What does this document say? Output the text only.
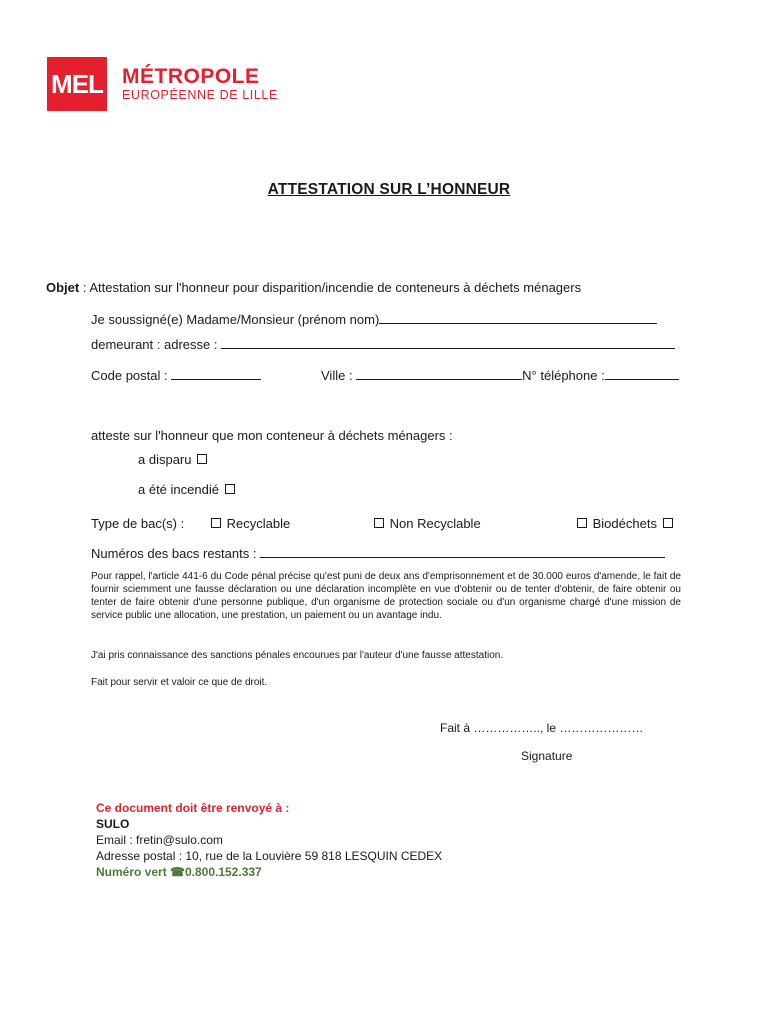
MEL MÉTROPOLE
EUROPÉENNE DE LILLE
ATTESTATION SUR L’HONNEUR
Objet : Attestation sur l'honneur pour disparition/incendie de conteneurs à déchets ménagers
Je soussigné(e) Madame/Monsieur (prénom nom)
demeurant : adresse :
Code postal :	Ville :	N° téléphone :
atteste sur l'honneur que mon conteneur à déchets ménagers :
a disparu
a été incendié
Type de bac(s) :	Recyclable	Non Recyclable	Biodéchets
Numéros des bacs restants :
Pour rappel, l'article 441-6 du Code pénal précise qu'est puni de deux ans d'emprisonnement et de 30.000 euros d'amende, le fait de fournir sciemment une fausse déclaration ou une déclaration incomplète en vue d'obtenir ou de tenter d'obtenir, de faire obtenir ou tenter de faire obtenir d'une personne publique, d'un organisme de protection sociale ou d'un organisme chargé d'une mission de service public une allocation, une prestation, un paiement ou un avantage indu.
J'ai pris connaissance des sanctions pénales encourues par l'auteur d'une fausse attestation.
Fait pour servir et valoir ce que de droit.
Fait à …………….., le …………………
Signature
Ce document doit être renvoyé à :
SULO
Email : fretin@sulo.com
Adresse postal : 10, rue de la Louvière 59 818 LESQUIN CEDEX
Numéro vert ☎0.800.152.337
